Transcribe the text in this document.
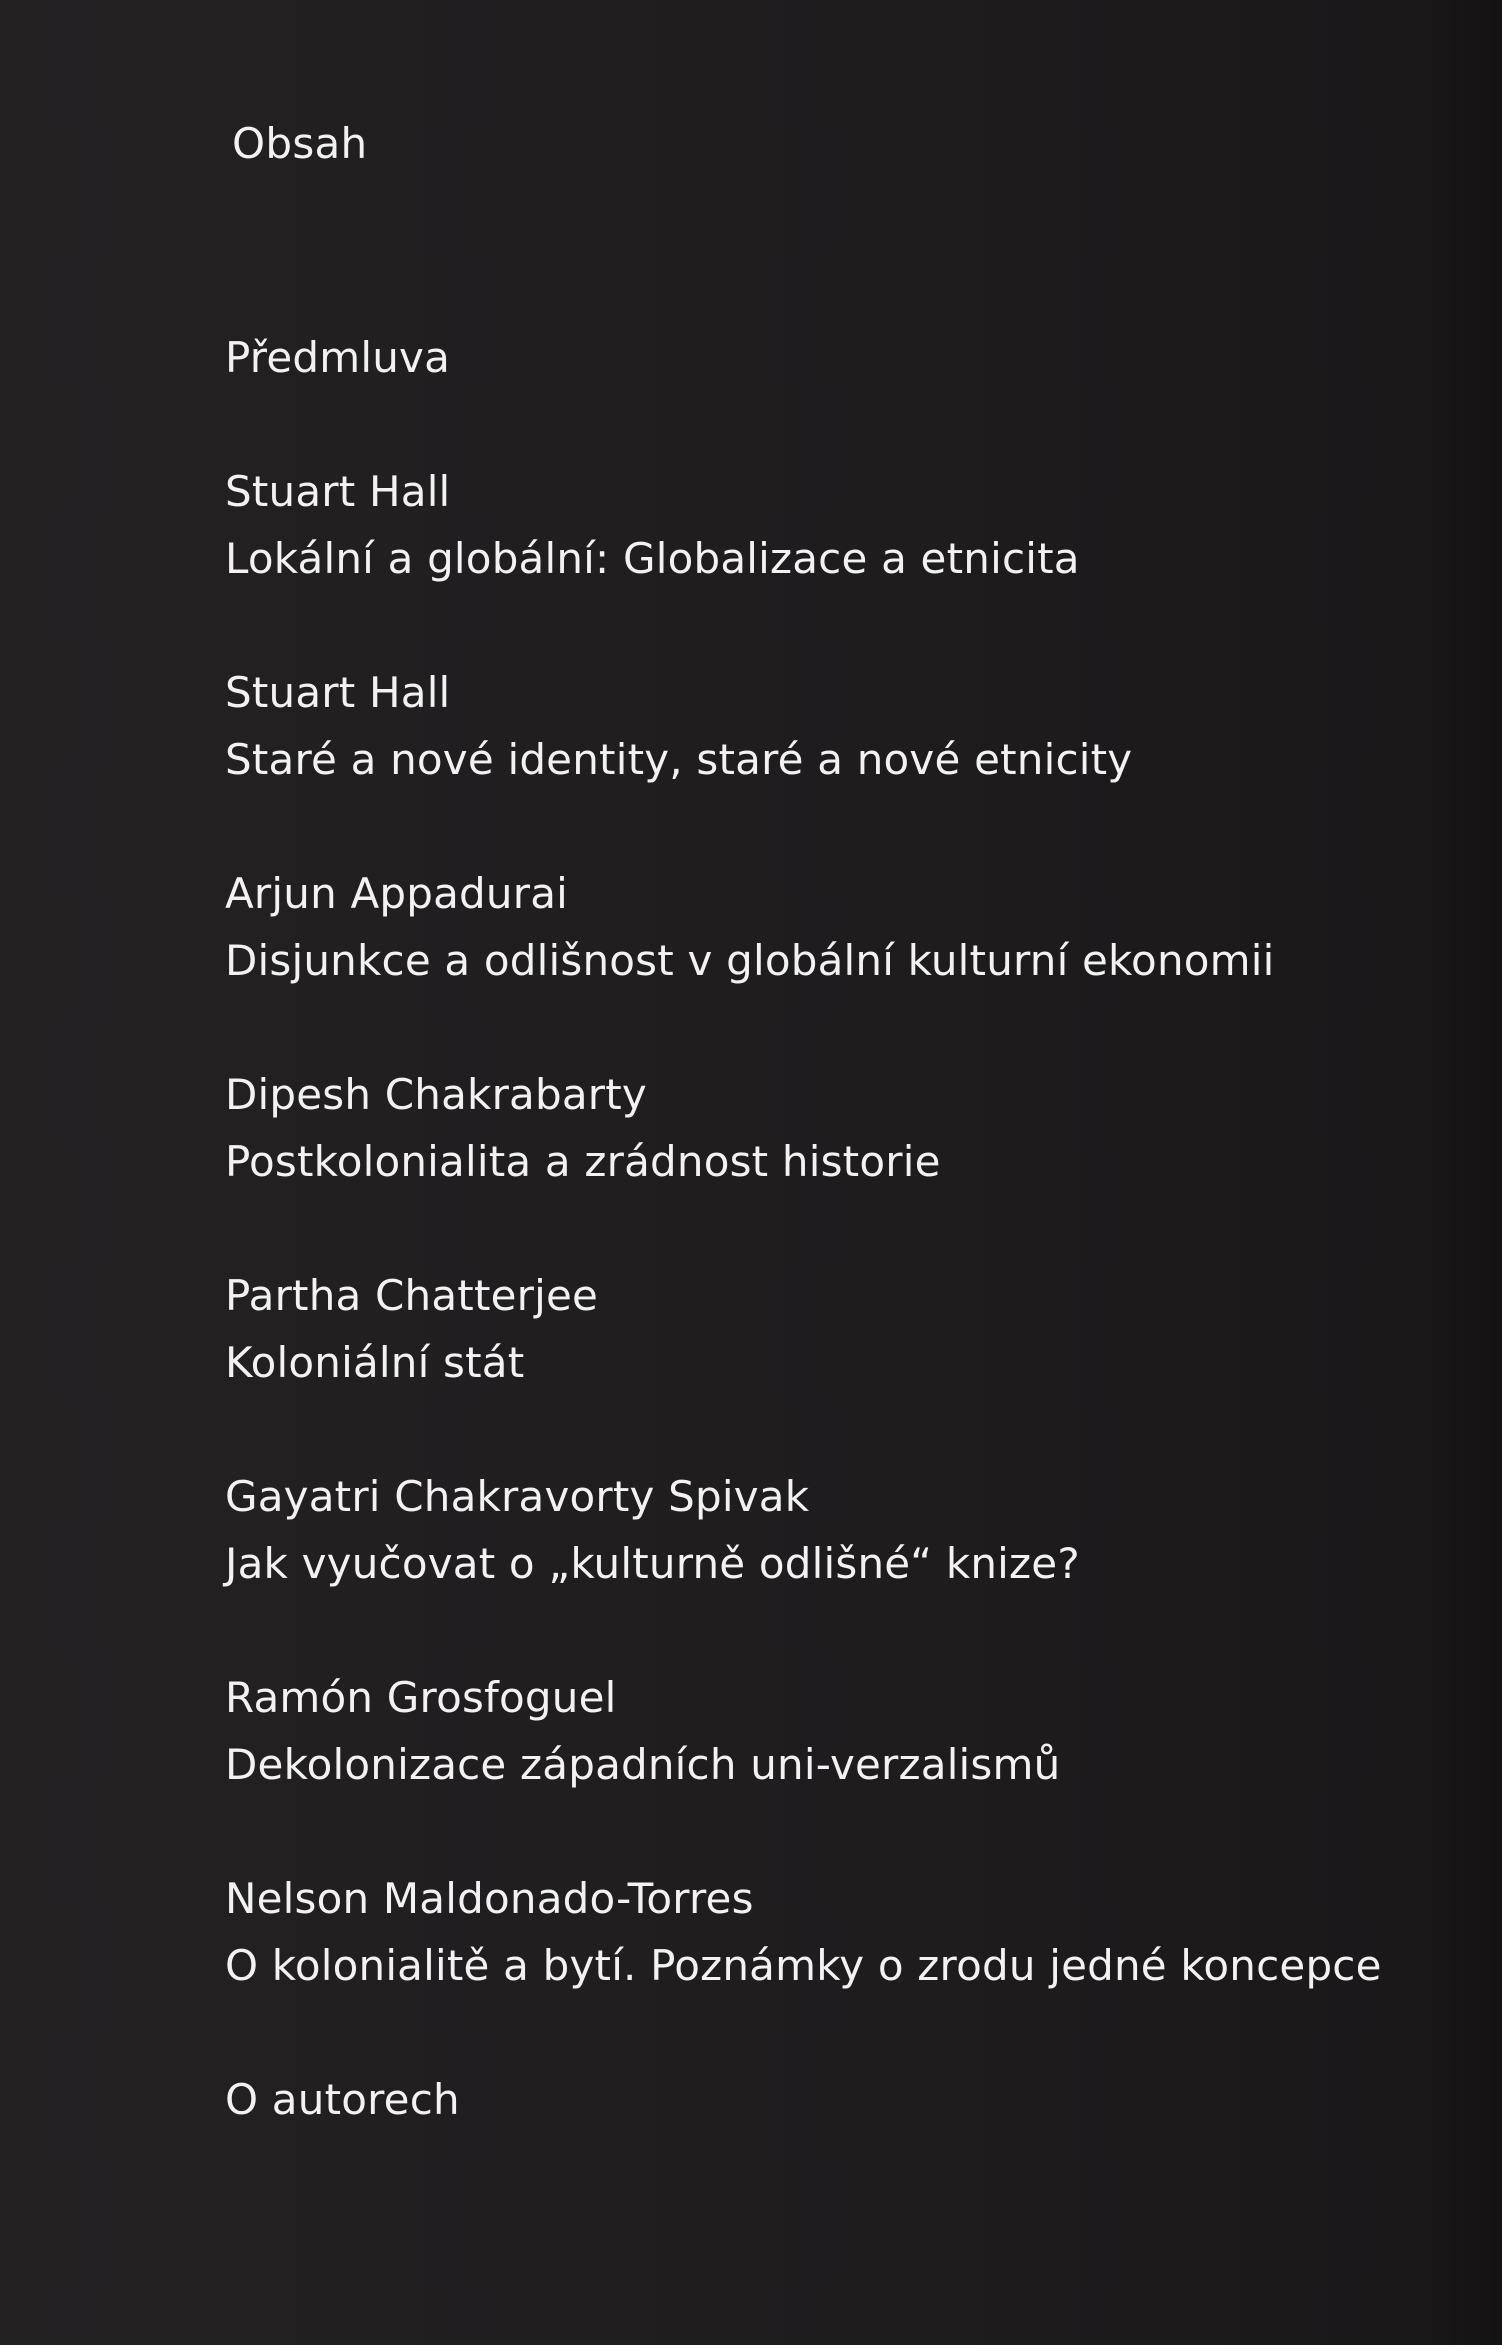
Obsah
Předmluva
Stuart Hall
Lokální a globální: Globalizace a etnicita
Stuart Hall
Staré a nové identity, staré a nové etnicity
Arjun Appadurai
Disjunkce a odlišnost v globální kulturní ekonomii
Dipesh Chakrabarty
Postkolonialita a zrádnost historie
Partha Chatterjee
Koloniální stát
Gayatri Chakravorty Spivak
Jak vyučovat o „kulturně odlišné“ knize?
Ramón Grosfoguel
Dekolonizace západních uni-verzalismů
Nelson Maldonado-Torres
O kolonialitě a bytí. Poznámky o zrodu jedné koncepce
O autorech
